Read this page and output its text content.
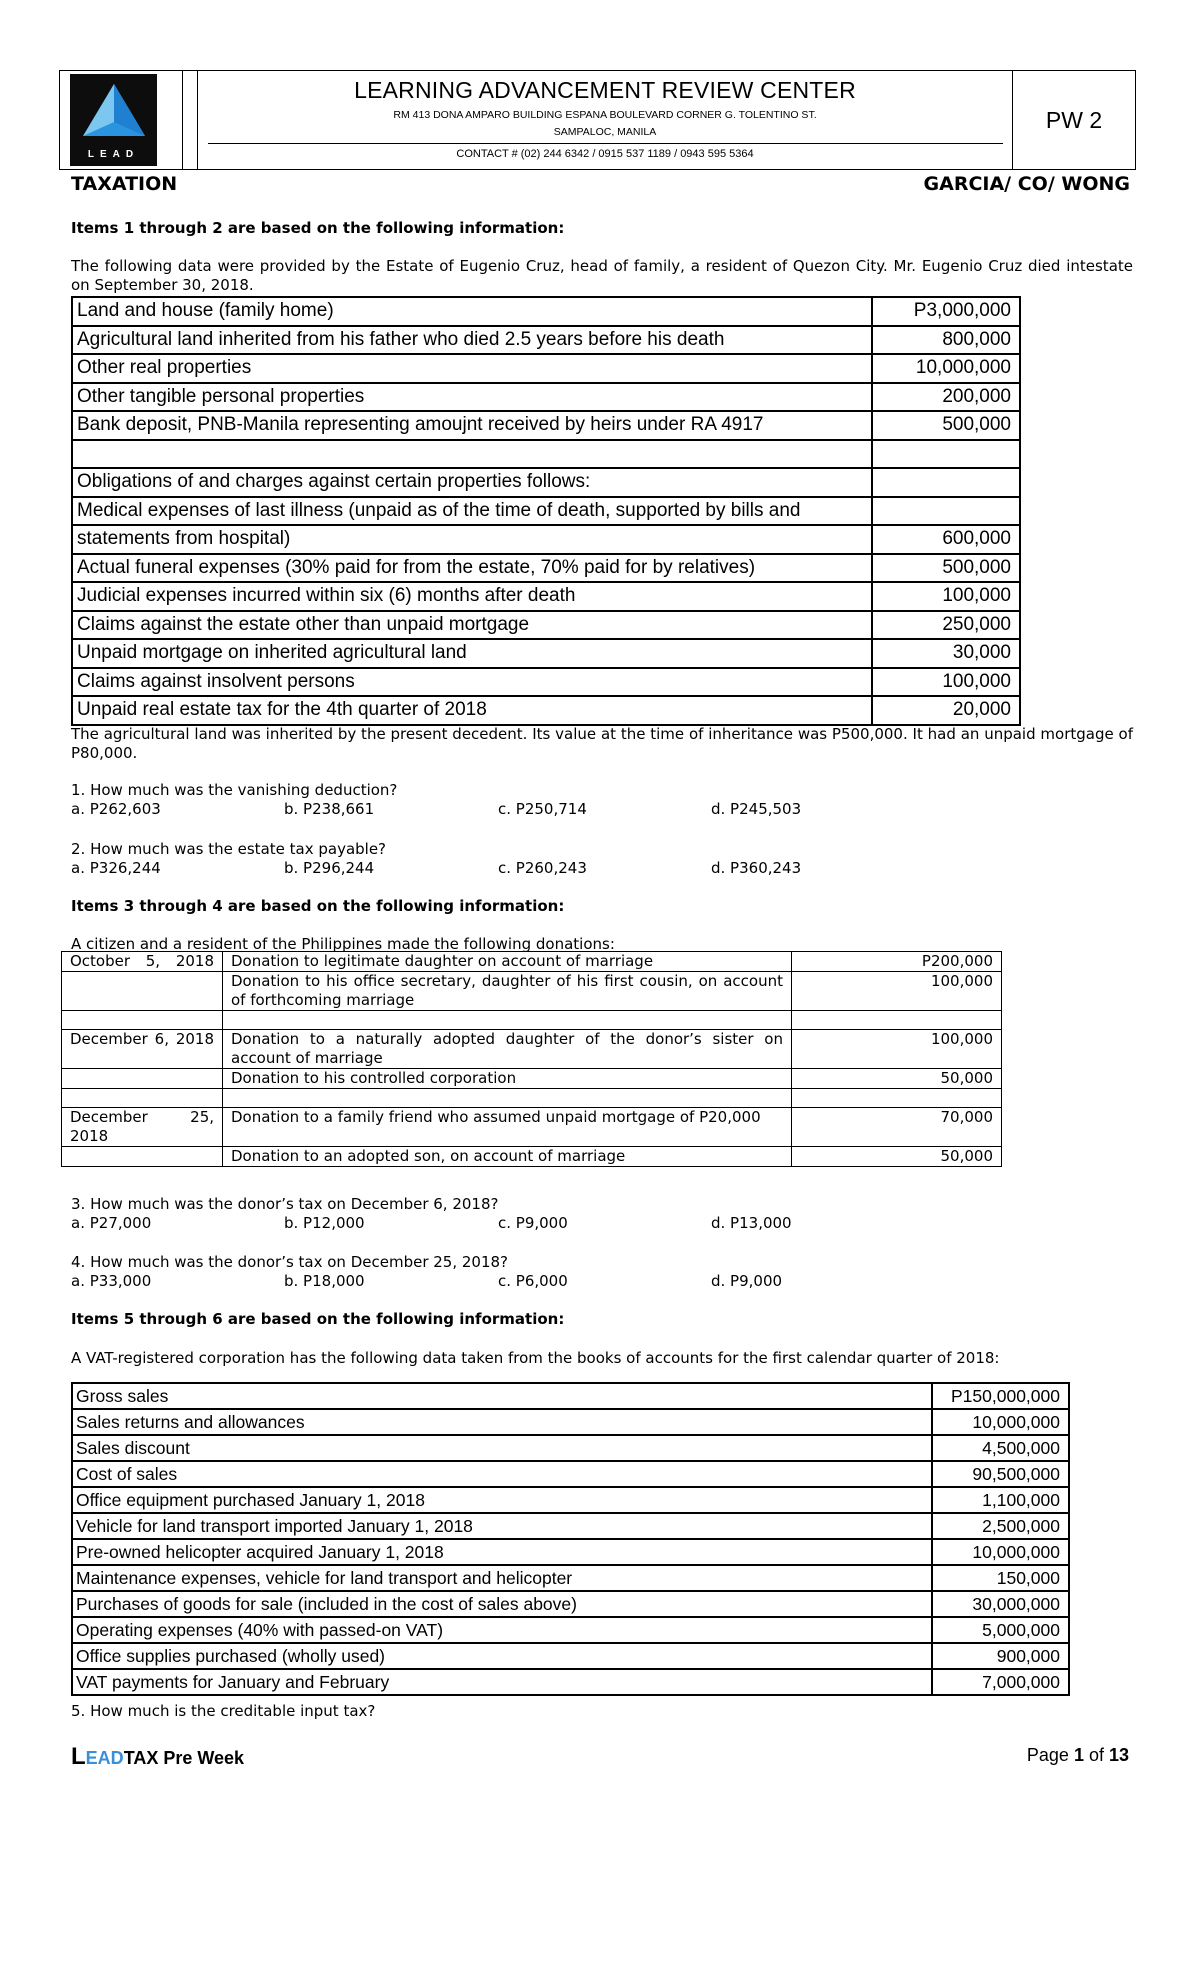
LEAD
LEARNING ADVANCEMENT REVIEW CENTER
RM 413 DONA AMPARO BUILDING ESPANA BOULEVARD CORNER G. TOLENTINO ST.
SAMPALOC, MANILA
CONTACT # (02) 244 6342 / 0915 537 1189 / 0943 595 5364
PW 2
TAXATION	GARCIA/ CO/ WONG
Items 1 through 2 are based on the following information:
The following data were provided by the Estate of Eugenio Cruz, head of family, a resident of Quezon City. Mr. Eugenio Cruz died intestate on September 30, 2018.
Land and house (family home)	P3,000,000
Agricultural land inherited from his father who died 2.5 years before his death	800,000
Other real properties	10,000,000
Other tangible personal properties	200,000
Bank deposit, PNB-Manila representing amoujnt received by heirs under RA 4917	500,000

Obligations of and charges against certain properties follows:	
Medical expenses of last illness (unpaid as of the time of death, supported by bills and	
statements from hospital)	600,000
Actual funeral expenses (30% paid for from the estate, 70% paid for by relatives)	500,000
Judicial expenses incurred within six (6) months after death	100,000
Claims against the estate other than unpaid mortgage	250,000
Unpaid mortgage on inherited agricultural land	30,000
Claims against insolvent persons	100,000
Unpaid real estate tax for the 4th quarter of 2018	20,000
The agricultural land was inherited by the present decedent. Its value at the time of inheritance was P500,000. It had an unpaid mortgage of P80,000.
1. How much was the vanishing deduction?
a. P262,603	b. P238,661	c. P250,714	d. P245,503
2. How much was the estate tax payable?
a. P326,244	b. P296,244	c. P260,243	d. P360,243
Items 3 through 4 are based on the following information:
A citizen and a resident of the Philippines made the following donations:
October 5, 2018	Donation to legitimate daughter on account of marriage	P200,000
	Donation to his office secretary, daughter of his first cousin, on account of forthcoming marriage	100,000

December 6, 2018	Donation to a naturally adopted daughter of the donor’s sister on account of marriage	100,000
	Donation to his controlled corporation	50,000

December 25, 2018	Donation to a family friend who assumed unpaid mortgage of P20,000	70,000
	Donation to an adopted son, on account of marriage	50,000
3. How much was the donor’s tax on December 6, 2018?
a. P27,000	b. P12,000	c. P9,000	d. P13,000
4. How much was the donor’s tax on December 25, 2018?
a. P33,000	b. P18,000	c. P6,000	d. P9,000
Items 5 through 6 are based on the following information:
A VAT-registered corporation has the following data taken from the books of accounts for the first calendar quarter of 2018:
Gross sales	P150,000,000
Sales returns and allowances	10,000,000
Sales discount	4,500,000
Cost of sales	90,500,000
Office equipment purchased January 1, 2018	1,100,000
Vehicle for land transport imported January 1, 2018	2,500,000
Pre-owned helicopter acquired January 1, 2018	10,000,000
Maintenance expenses, vehicle for land transport and helicopter	150,000
Purchases of goods for sale (included in the cost of sales above)	30,000,000
Operating expenses (40% with passed-on VAT)	5,000,000
Office supplies purchased (wholly used)	900,000
VAT payments for January and February	7,000,000
5. How much is the creditable input tax?
LEADTAX Pre Week	Page 1 of 13
